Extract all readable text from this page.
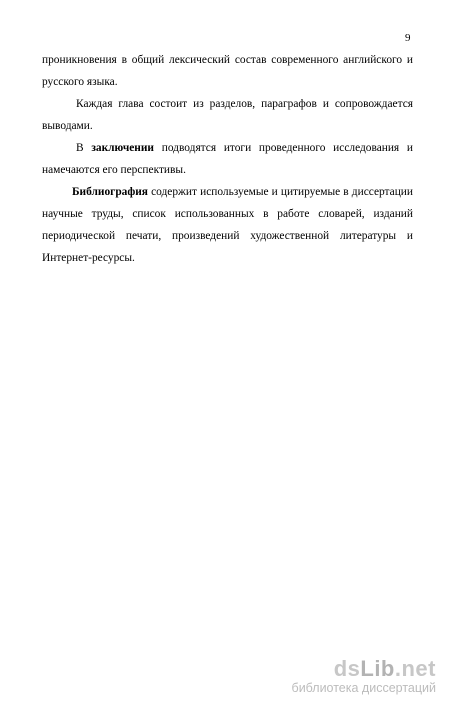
9

проникновения в общий лексический состав современного английского и русского языка.

Каждая глава состоит из разделов, параграфов и сопровождается выводами.

В заключении подводятся итоги проведенного исследования и намечаются его перспективы.

Библиография содержит используемые и цитируемые в диссертации научные труды, список использованных в работе словарей, изданий периодической печати, произведений художественной литературы и Интернет-ресурсы.

dsLib.net
библиотека диссертаций
